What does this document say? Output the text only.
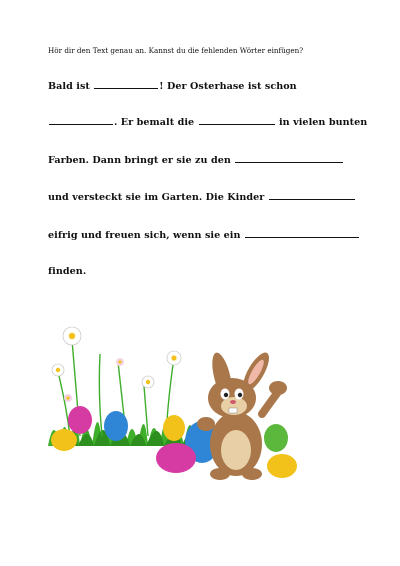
Hör dir den Text genau an. Kannst du die fehlenden Wörter einfügen?
Bald ist	! Der Osterhase ist schon
. Er bemalt die	in vielen bunten
Farben. Dann bringt er sie zu den
und versteckt sie im Garten. Die Kinder
eifrig und freuen sich, wenn sie ein
finden.
